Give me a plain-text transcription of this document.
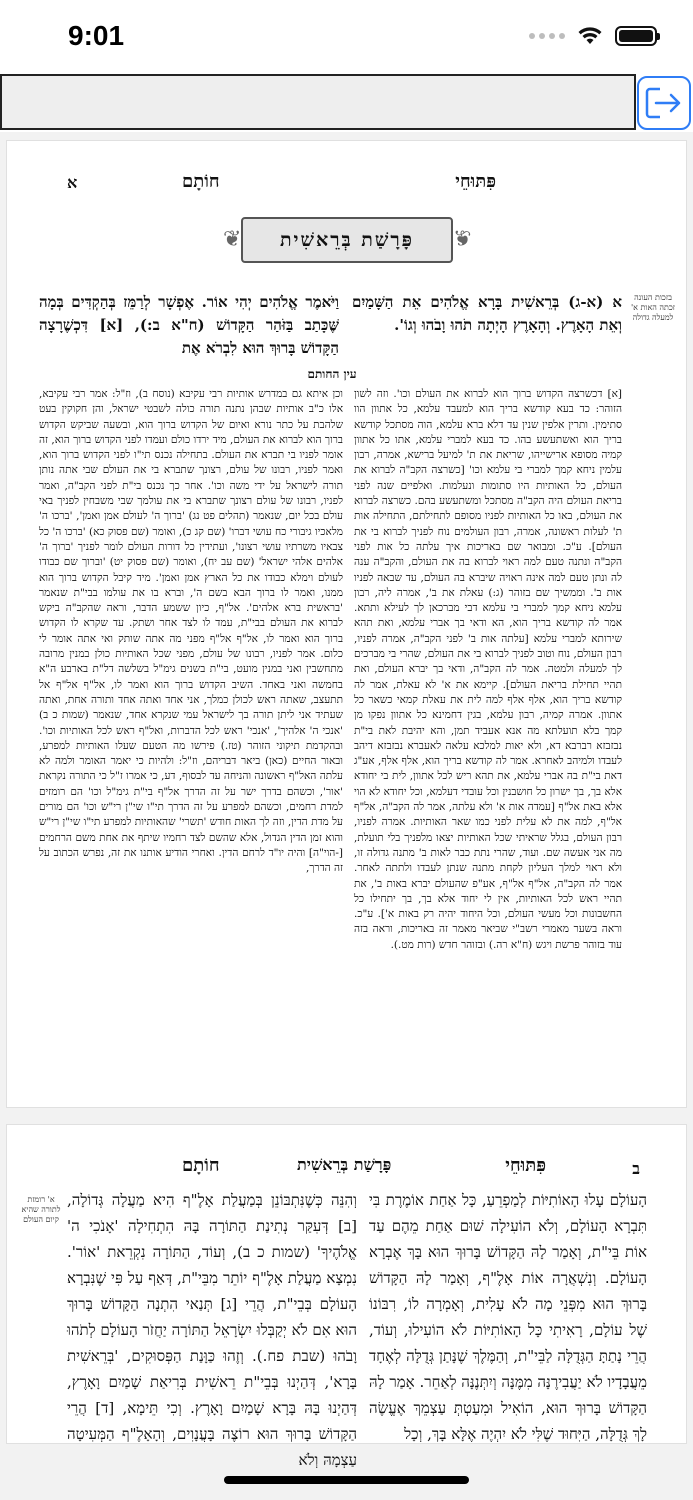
9:01
פִּתּוּחֵי
חוֹתָם
א
❦ פָּרָשַׁת בְּרֵאשִׁית
❦
בזכות העונה זכתה האות א' למעלה גדולה
א (א-ג) בְּרֵאשִׁית בָּרָא אֱלֹהִים אֵת הַשָּׁמַיִם וְאֵת הָאָרֶץ. וְהָאָרֶץ הָיְתָה תֹהוּ וָבֹהוּ וְגוֹ'.
וַיֹּאמֶר אֱלֹהִים יְהִי אוֹר. אֶפְשָׁר לְרַמֵּז בְּהַקְדִּים בְּמָה שֶּׁכָּתַב בַּזֹּהַר הַקָּדוֹשׁ (ח"א ב:), [א] דִּכְשֶׁרָצָה הַקָּדוֹשׁ בָּרוּךְ הוּא לִבְרֹא אֶת
עין החותם
[א] דכשרצה הקדוש ברוך הוא לברוא את העולם וכו'. וזה לשון הזוהר: כד בעא קודשא בריך הוא למעבד עלמא, כל אתוון הוו סתימין. ותרין אלפין שנין עד דלא ברא עלמא, הוה מסתכל קודשא בריך הוא ואשתעשע בהו. כד בעא למברי עלמא, אתו כל אתוון קמיה מסופא ארישייהו, שריאת את ת' למיעל ברישא, אמרה, רבון עלמין ניחא קמך למברי בי עלמא וכו' [כשרצה הקב"ה לברוא את העולם, כל האותיות היו סתומות ונעלמות. ואלפיים שנה לפני בריאת העולם היה הקב"ה מסתכל ומשתעשע בהם. כשרצה לברוא את העולם, באו כל האותיות לפניו מסופם לתחילתם, התחילה אות ת' לעלות ראשונה, אמרה, רבון העולמים נוח לפניך לברוא בי את העולם]. ע"כ. ומבואר שם באריכות איך עלתה כל אות לפני הקב"ה ונתנה טעם למה ראוי לברוא בה את העולם, והקב"ה ענה לה ונתן טעם למה אינה ראויה שיברא בה העולם, עד שבאה לפניו אות ב'. וממשיך שם בזוהר (ג:) עאלת את ב', אמרה ליה, רבון עלמא ניחא קמך למברי בי עלמא דבי מברכאן לך לעילא ותתא. אמר לה קודשא בריך הוא, הא ודאי בך אברי עלמא, ואת תהא שירותא למברי עלמא [עלתה אות ב' לפני הקב"ה, אמרה לפניו, רבון העולם, נוח וטוב לפניך לברוא בי את העולם, שהרי בי מברכים לך למעלה ולמטה. אמר לה הקב"ה, ודאי בך יברא העולם, ואת תהיי תחילת בריאת העולם]. קיימא את א' לא עאלת, אמר לה קודשא בריך הוא, אלף אלף למה לית את עאלת קמאי כשאר כל אתוון. אמרה קמיה, רבון עלמא, בגין דחמינא כל אתוון נפקו מן קמך בלא תועלתא מה אנא אעביד תמן, והא יהיבת לאת בי"ת נבזבזא רברבא דא, ולא יאות למלכא עלאה לאעברא נבזבזא דיהב לעבדו ולמיהב לאחרא. אמר לה קודשא בריך הוא, אלף אלף, אע"ג דאת בי"ת בה אברי עלמא, את תהא ריש לכל אתוון, לית בי יחודא אלא בך, בך ישרון כל חושבנין וכל עובדי דעלמא, וכל יחודא לא הוי אלא באת אל"ף [עמדה אות א' ולא עלתה, אמר לה הקב"ה, אל"ף אל"ף, למה את לא עלית לפני כמו שאר האותיות. אמרה לפניו, רבון העולם, בגלל שראיתי שכל האותיות יצאו מלפניך בלי תועלת, מה אני אעשה שם. ועוד, שהרי נתת כבר לאות ב' מתנה גדולה זו, ולא ראוי למלך העליון לקחת מתנה שנתן לעבדו ולתתה לאחר. אמר לה הקב"ה, אל"ף אל"ף, אע"פ שהעולם יברא באות ב', את תהיי ראש לכל האותיות, אין לי יחוד אלא בך, בך יתחילו כל החשבונות וכל מעשי העולם, וכל היחוד יהיה רק באות א']. ע"כ. וראה בשער מאמרי רשב"י שביאר מאמר זה באריכות, וראה בזה עוד בזוהר פרשת ויגש (ח"א רה.) ובזוהר חדש (רות מט.).
וכן איתא גם במדרש אותיות רבי עקיבא (נוסח ב), וז"ל: אמר רבי עקיבא, אלו כ"ב אותיות שבהן נתנה תורה כולה לשבטי ישראל, והן חקוקין בעט שלהבת על כתר נורא ואיום של הקדוש ברוך הוא, ובשעה שביקש הקדוש ברוך הוא לברוא את העולם, מיד ירדו כולם ועמדו לפני הקדוש ברוך הוא, זה אומר לפניו בי תברא את העולם. בתחילה נכנס תי"ו לפני הקדוש ברוך הוא, ואמר לפניו, רבונו של עולם, רצונך שתברא בי את העולם שבי אתה נותן תורה לישראל על ידי משה וכו'. אחר כך נכנס בי"ת לפני הקב"ה, ואמר לפניו, רבונו של עולם רצונך שתברא בי את עולמך שבי משבחין לפניך באי עולם בכל יום, שנאמר (תהלים פט נג) 'ברוך ה' לעולם אמן ואמן', 'ברכו ה' מלאכיו גיבורי כח עושי דברו' (שם קג כ), ואומר (שם פסוק כא) 'ברכו ה' כל צבאיו משרתיו עושי רצונו', ועתידין כל דורות העולם לומר לפניך 'ברוך ה' אלהים אלהי ישראל' (שם עב יח), ואומר (שם פסוק יט) 'וברוך שם כבודו לעולם וימלא כבודו את כל הארץ אמן ואמן'. מיד קיבל הקדוש ברוך הוא ממנו, ואמר לו ברוך הבא בשם ה', וברא בו את עולמו בבי"ת שנאמר 'בראשית ברא אלהים'. אל"ף, כיון ששמע הדבר, וראה שהקב"ה ביקש לברוא את העולם בבי"ת, עמד לו לצד אחר ושתק. עד שקרא לו הקדוש ברוך הוא ואמר לו, אל"ף אל"ף מפני מה אתה שותק ואי אתה אומר לי כלום. אמר לפניו, רבונו של עולם, מפני שכל האותיות כולן במנין מרובה מתחשבין ואני במנין מועט, בי"ת בשנים גימ"ל בשלשה דל"ת בארבע ה"א בחמשה ואני באחד. השיב הקדוש ברוך הוא ואמר לו, אל"ף אל"ף אל תתעצב, שאתה ראש לכולן כמלך, אני אחד ואתה אחד ותורה אחת, ואתה שעתיד אני ליתן תורה בך לישראל עמי שנקרא אחד, שנאמר (שמות כ ב) 'אנכי ה' אלהיך', 'אנכי' ראש לכל הדברות, ואל"ף ראש לכל האותיות וכו'. ובהקדמת תיקוני הזוהר (טז.) פירשו מה הטעם שעלו האותיות למפרע, ובאור החיים (כאן) ביאר דבריהם, וז"ל: ולהיות כי יאמר האומר ולמה לא עלתה האל"ף ראשונה והניחה עד לבסוף, דע, כי אמרו ז"ל כי התורה נקראת 'אור', וכשהם בדרך ישר על זה הדרך אל"ף בי"ת גימ"ל וכו' הם רומזים למדת רחמים, וכשהם למפרע על זה הדרך תי"ו שי"ן רי"ש וכו' הם מורים על מדת הדין, וזה לך האות חודש 'תשרי' שהאותיות למפרע תי"ו שי"ן רי"ש והוא זמן הדין הגדול, אלא שהשם לצד רחמיו שיתף את אחת משם הרחמים [-הוי"ה] והיה יו"ד לרחם הדין. ואחרי הודיע אותנו את זה, נפרש הכתוב על זה הדרך,
ב
פִּתּוּחֵי
פָּרָשַׁת בְּרֵאשִׁית
חוֹתָם
א' רומזת לתורה שהיא קיום העולם
הָעוֹלָם עָלוּ הָאוֹתִיּוֹת לְמַפְרֵעַ, כָּל אַחַת אוֹמֶרֶת בִּי תִּבְרָא הָעוֹלָם, וְלֹא הוֹעִילָה שׁוּם אַחַת מֵהֶם עַד אוֹת בֵּי"ת, וְאָמַר לָהּ הַקָּדוֹשׁ בָּרוּךְ הוּא בָּךְ אֶבְרָא הָעוֹלָם. וְנִשְׁאֲרָה אוֹת אָלֶ"ף, וְאָמַר לָהּ הַקָּדוֹשׁ בָּרוּךְ הוּא מִפְּנֵי מָה לֹא עָלִית, וְאָמְרָה לוֹ, רִבּוֹנוֹ שֶׁל עוֹלָם, רָאִיתִי כָּל הָאוֹתִיּוֹת לֹא הוֹעִילוּ, וְעוֹד, הֲרֵי נָתַתָּ הַגְּדֻלָּה לַבֵּי"ת, וְהַמֶּלֶךְ שֶׁנָּתַן גְּדֻלָּה לְאֶחָד מֵעֲבָדָיו לֹא יַעֲבִירֶנָּה מִמֶּנָּה וְיִתְּנֶנָּה לְאַחֵר. אָמַר לָהּ הַקָּדוֹשׁ בָּרוּךְ הוּא, הוֹאִיל וּמִעַטְתְּ עַצְמֵךְ אֶעֱשֶׂה לָךְ גְּדֻלָּה, הַיִּחוּד שֶׁלִּי לֹא יִהְיֶה אֶלָּא בָּךְ, וְכָל
וְהִנֵּה כְּשֶׁנִּתְבּוֹנֵן בְּמַעֲלַת אָלֶ"ף הִיא מַעֲלָה גְּדוֹלָה, [ב] דְּעִקַּר נְתִינַת הַתּוֹרָה בָּהּ הִתְחִילָה 'אָנֹכִי ה' אֱלֹהֶיךָ' (שמות כ ב), וְעוֹד, הַתּוֹרָה נִקְרֵאת 'אוֹר'. נִמְצָא מַעֲלַת אָלֶ"ף יוֹתֵר מִבֵּי"ת, דְּאַף עַל פִּי שֶׁנִּבְרָא הָעוֹלָם בְּבֵי"ת, הֲרֵי [ג] תְּנַאי הִתְנָה הַקָּדוֹשׁ בָּרוּךְ הוּא אִם לֹא יְקַבְּלוּ יִשְׂרָאֵל הַתּוֹרָה יַחֲזֹר הָעוֹלָם לְתֹהוּ וָבֹהוּ (שבת פח.). וְזֶהוּ כַּוָּנַת הַפְּסוּקִים, 'בְּרֵאשִׁית בָּרָא', דְּהַיְנוּ בְּבֵי"ת רֵאשִׁית בְּרִיאַת שָׁמַיִם וָאָרֶץ, דְּהַיְנוּ בָּהּ בָּרָא שָׁמַיִם וָאָרֶץ. וְכִי תֵּימָא, [ד] הֲרֵי הַקָּדוֹשׁ בָּרוּךְ הוּא רוֹצֶה בָּעֲנָוִים, וְהָאָלֶ"ף הַמְּעִיטָה עַצְמָהּ וְלֹא
